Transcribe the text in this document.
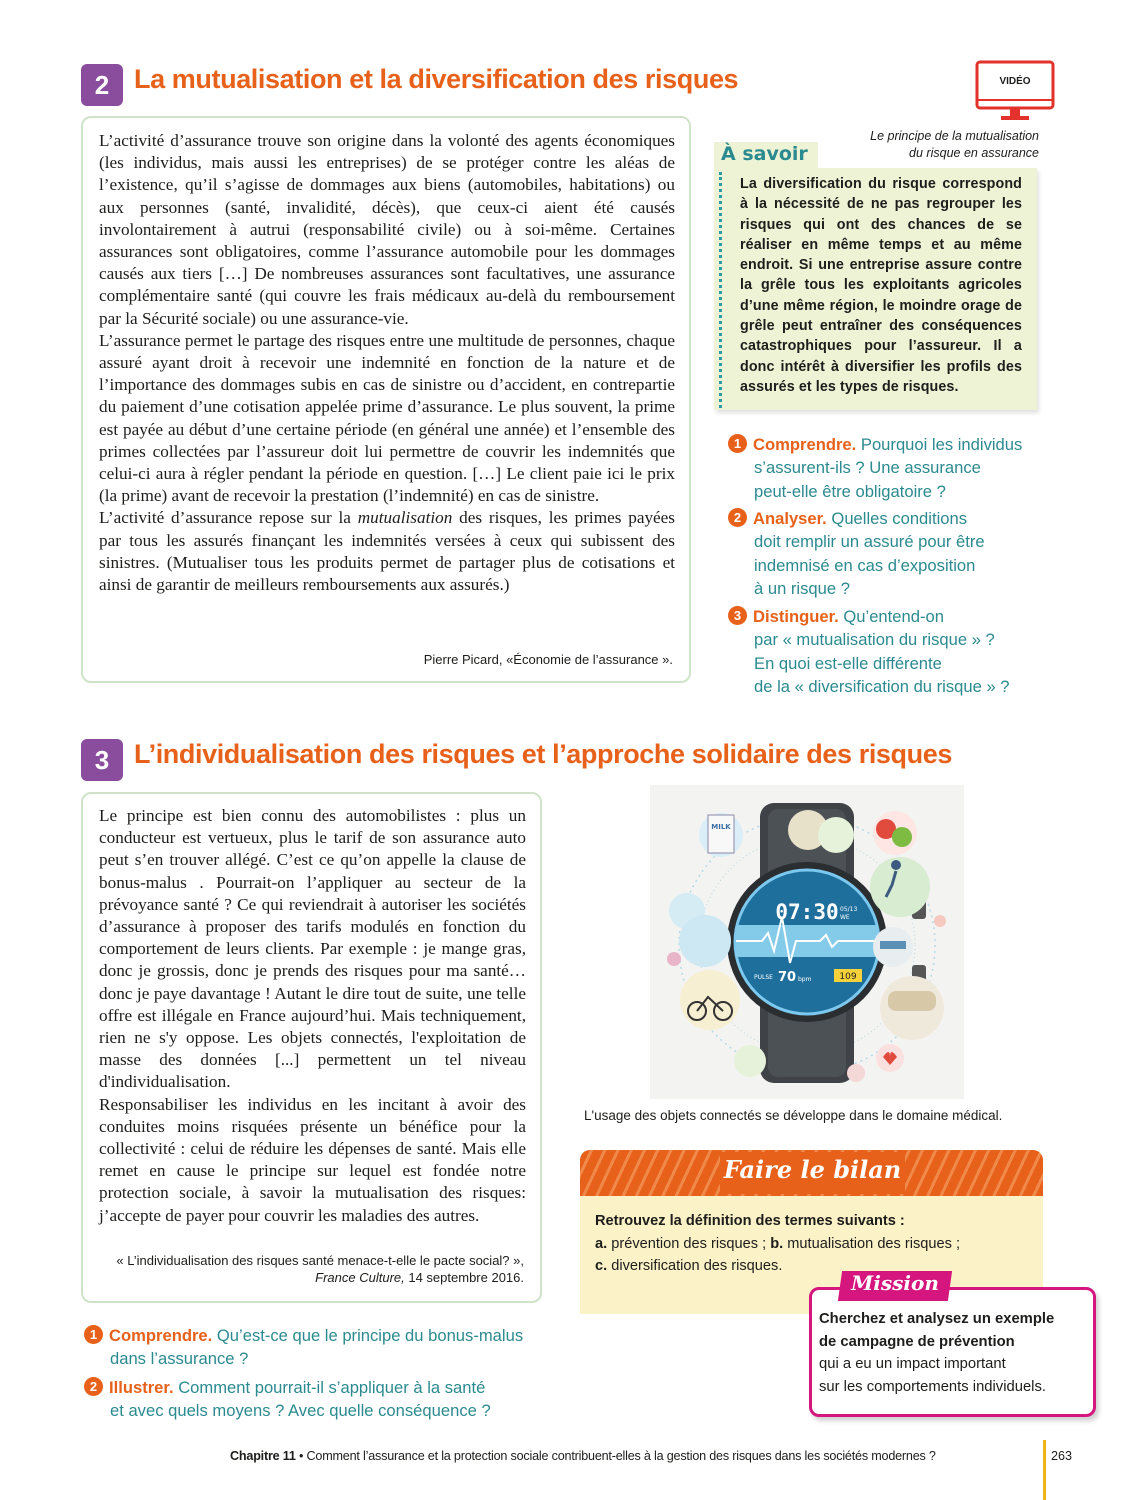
2 La mutualisation et la diversification des risques

L’activité d’assurance trouve son origine dans la volonté des agents économiques (les individus, mais aussi les entreprises) de se protéger contre les aléas de l’existence, qu’il s’agisse de dommages aux biens (automobiles, habitations) ou aux personnes (santé, invalidité, décès), que ceux-ci aient été causés involontairement à autrui (responsabilité civile) ou à soi-même. Certaines assurances sont obligatoires, comme l’assurance automobile pour les dommages causés aux tiers […] De nombreuses assurances sont facultatives, une assurance complémentaire santé (qui couvre les frais médicaux au-delà du remboursement par la Sécurité sociale) ou une assurance-vie.

L’assurance permet le partage des risques entre une multitude de personnes, chaque assuré ayant droit à recevoir une indemnité en fonction de la nature et de l’importance des dommages subis en cas de sinistre ou d’accident, en contrepartie du paiement d’une cotisation appelée prime d’assurance. Le plus souvent, la prime est payée au début d’une certaine période (en général une année) et l’ensemble des primes collectées par l’assureur doit lui permettre de couvrir les indemnités que celui-ci aura à régler pendant la période en question. […] Le client paie ici le prix (la prime) avant de recevoir la prestation (l’indemnité) en cas de sinistre.

L’activité d’assurance repose sur la mutualisation des risques, les primes payées par tous les assurés finançant les indemnités versées à ceux qui subissent des sinistres. (Mutualiser tous les produits permet de partager plus de cotisations et ainsi de garantir de meilleurs remboursements aux assurés.)

Pierre Picard, «Économie de l’assurance ».
VIDÉO
Le principe de la mutualisation
du risque en assurance
À savoir
La diversification du risque correspond à la nécessité de ne pas regrouper les risques qui ont des chances de se réaliser en même temps et au même endroit. Si une entreprise assure contre la grêle tous les exploitants agricoles d’une même région, le moindre orage de grêle peut entraîner des conséquences catastrophiques pour l’assureur. Il a donc intérêt à diversifier les profils des assurés et les types de risques.
1 Comprendre. Pourquoi les individus
s’assurent-ils ? Une assurance
peut-elle être obligatoire ?
2 Analyser. Quelles conditions
doit remplir un assuré pour être
indemnisé en cas d’exposition
à un risque ?
3 Distinguer. Qu’entend-on
par « mutualisation du risque » ?
En quoi est-elle différente
de la « diversification du risque » ?
3 L’individualisation des risques et l’approche solidaire des risques

Le principe est bien connu des automobilistes : plus un conducteur est vertueux, plus le tarif de son assurance auto peut s’en trouver allégé. C’est ce qu’on appelle la clause de bonus-malus . Pourrait-on l’appliquer au secteur de la prévoyance santé ? Ce qui reviendrait à autoriser les sociétés d’assurance à proposer des tarifs modulés en fonction du comportement de leurs clients. Par exemple : je mange gras, donc je grossis, donc je prends des risques pour ma santé…donc je paye davantage ! Autant le dire tout de suite, une telle offre est illégale en France aujourd’hui. Mais techniquement, rien ne s'y oppose. Les objets connectés, l'exploitation de masse des données [...] permettent un tel niveau d'individualisation.

Responsabiliser les individus en les incitant à avoir des conduites moins risquées présente un bénéfice pour la collectivité : celui de réduire les dépenses de santé. Mais elle remet en cause le principe sur lequel est fondée notre protection sociale, à savoir la mutualisation des risques: j’accepte de payer pour couvrir les maladies des autres.

« L’individualisation des risques santé menace-t-elle le pacte social? »,
France Culture, 14 septembre 2016.
07:30 05/13
WE
PULSE 70 bpm	109
MILK
L'usage des objets connectés se développe dans le domaine médical.
1 Comprendre. Qu’est-ce que le principe du bonus-malus
dans l’assurance ?
2 Illustrer. Comment pourrait-il s’appliquer à la santé
et avec quels moyens ? Avec quelle conséquence ?
Faire le bilan
Retrouvez la définition des termes suivants :
a. prévention des risques ; b. mutualisation des risques ;
c. diversification des risques.
Mission
Cherchez et analysez un exemple
de campagne de prévention
qui a eu un impact important
sur les comportements individuels.
Chapitre 11 • Comment l’assurance et la protection sociale contribuent-elles à la gestion des risques dans les sociétés modernes ?	263
